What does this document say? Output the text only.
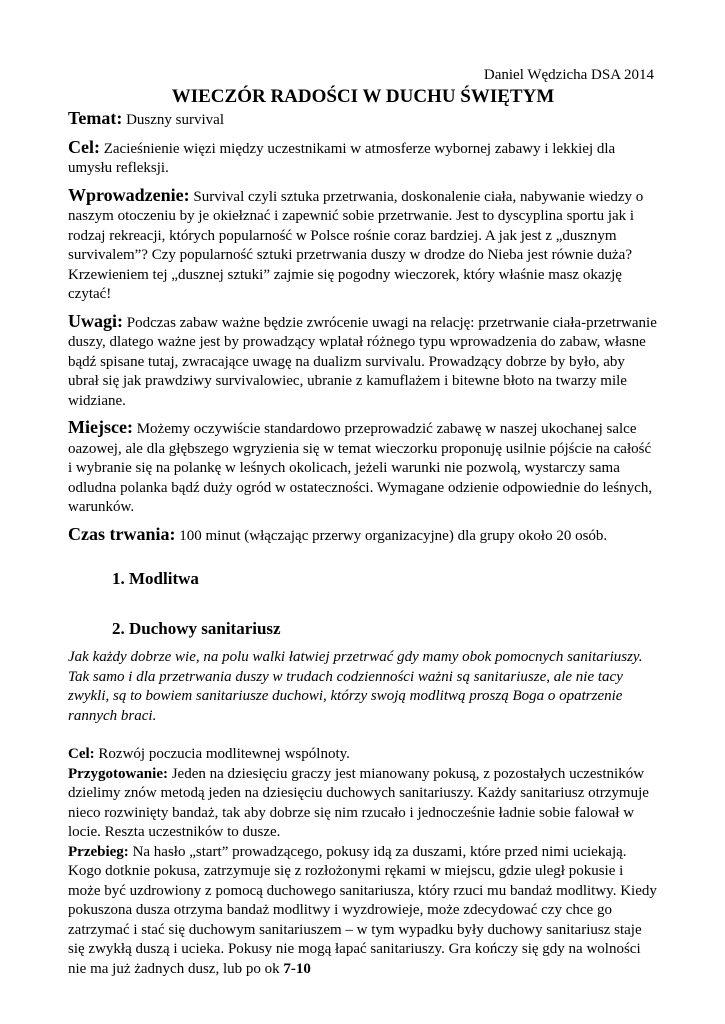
Daniel Wędzicha DSA 2014
WIECZÓR RADOŚCI W DUCHU ŚWIĘTYM
Temat: Duszny survival
Cel: Zacieśnienie więzi między uczestnikami w atmosferze wybornej zabawy i lekkiej dla umysłu refleksji.
Wprowadzenie: Survival czyli sztuka przetrwania, doskonalenie ciała, nabywanie wiedzy o naszym otoczeniu by je okiełznać i zapewnić sobie przetrwanie. Jest to dyscyplina sportu jak i rodzaj rekreacji, których popularność w Polsce rośnie coraz bardziej. A jak jest z „dusznym survivalem”? Czy popularność sztuki przetrwania duszy w drodze do Nieba jest równie duża? Krzewieniem tej „dusznej sztuki” zajmie się pogodny wieczorek, który właśnie masz okazję czytać!
Uwagi: Podczas zabaw ważne będzie zwrócenie uwagi na relację: przetrwanie ciała-przetrwanie duszy, dlatego ważne jest by prowadzący wplatał różnego typu wprowadzenia do zabaw, własne bądź spisane tutaj, zwracające uwagę na dualizm survivalu. Prowadzący dobrze by było, aby ubrał się jak prawdziwy survivalowiec, ubranie z kamuflażem i bitewne błoto na twarzy mile widziane.
Miejsce: Możemy oczywiście standardowo przeprowadzić zabawę w naszej ukochanej salce oazowej, ale dla głębszego wgryzienia się w temat wieczorku proponuję usilnie pójście na całość i wybranie się na polankę w leśnych okolicach, jeżeli warunki nie pozwolą, wystarczy sama odludna polanka bądź duży ogród w ostateczności. Wymagane odzienie odpowiednie do leśnych, warunków.
Czas trwania: 100 minut (włączając przerwy organizacyjne) dla grupy około 20 osób.
1. Modlitwa
2. Duchowy sanitariusz
Jak każdy dobrze wie, na polu walki łatwiej przetrwać gdy mamy obok pomocnych sanitariuszy. Tak samo i dla przetrwania duszy w trudach codzienności ważni są sanitariusze, ale nie tacy zwykli, są to bowiem sanitariusze duchowi, którzy swoją modlitwą proszą Boga o opatrzenie rannych braci.

Cel: Rozwój poczucia modlitewnej wspólnoty.

Przygotowanie: Jeden na dziesięciu graczy jest mianowany pokusą, z pozostałych uczestników dzielimy znów metodą jeden na dziesięciu duchowych sanitariuszy. Każdy sanitariusz otrzymuje nieco rozwinięty bandaż, tak aby dobrze się nim rzucało i jednocześnie ładnie sobie falował w locie. Reszta uczestników to dusze.

Przebieg: Na hasło „start” prowadzącego, pokusy idą za duszami, które przed nimi uciekają. Kogo dotknie pokusa, zatrzymuje się z rozłożonymi rękami w miejscu, gdzie uległ pokusie i może być uzdrowiony z pomocą duchowego sanitariusza, który rzuci mu bandaż modlitwy. Kiedy pokuszona dusza otrzyma bandaż modlitwy i wyzdrowieje, może zdecydować czy chce go zatrzymać i stać się duchowym sanitariuszem – w tym wypadku były duchowy sanitariusz staje się zwykłą duszą i ucieka. Pokusy nie mogą łapać sanitariuszy. Gra kończy się gdy na wolności nie ma już żadnych dusz, lub po ok 7-10
